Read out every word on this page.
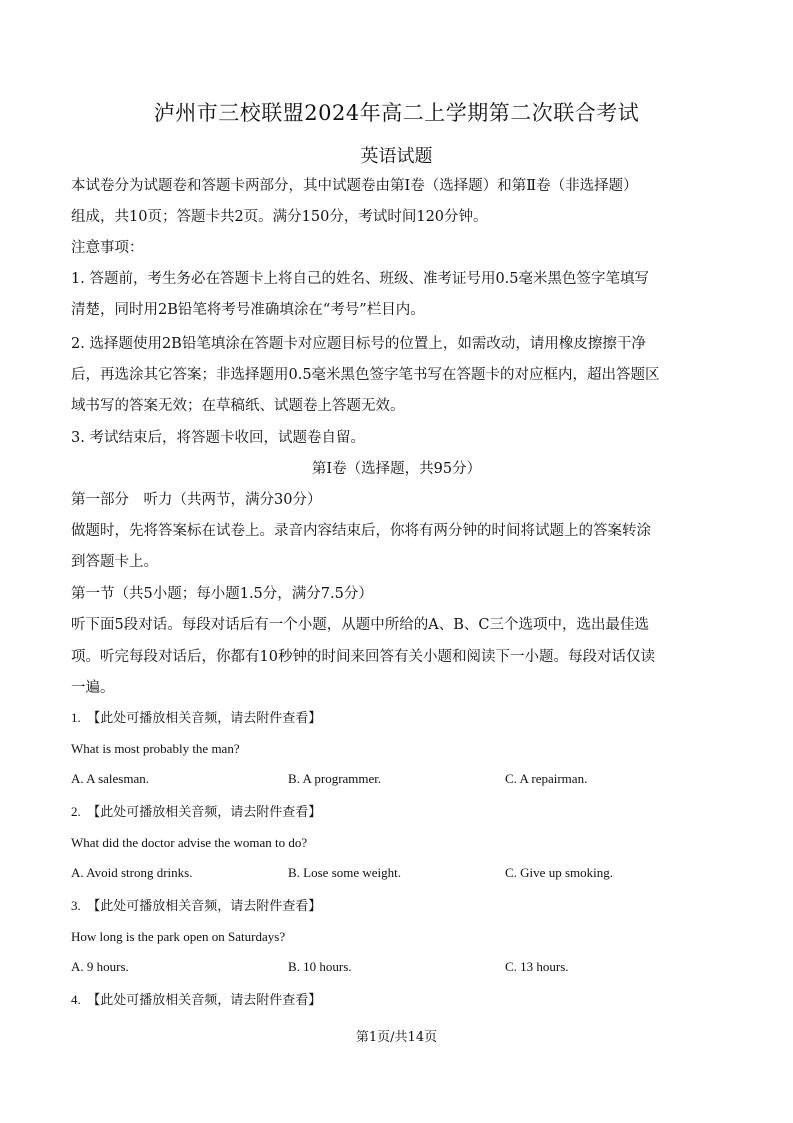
泸州市三校联盟2024年高二上学期第二次联合考试
英语试题
本试卷分为试题卷和答题卡两部分，其中试题卷由第Ⅰ卷（选择题）和第Ⅱ卷（非选择题）
组成，共10页；答题卡共2页。满分150分，考试时间120分钟。
注意事项：
1. 答题前，考生务必在答题卡上将自己的姓名、班级、准考证号用0.5毫米黑色签字笔填写
清楚，同时用2B铅笔将考号准确填涂在“考号”栏目内。
2. 选择题使用2B铅笔填涂在答题卡对应题目标号的位置上，如需改动，请用橡皮擦擦干净
后，再选涂其它答案；非选择题用0.5毫米黑色签字笔书写在答题卡的对应框内，超出答题区
域书写的答案无效；在草稿纸、试题卷上答题无效。
3. 考试结束后，将答题卡收回，试题卷自留。
第Ⅰ卷（选择题，共95分）
第一部分　听力（共两节，满分30分）
做题时，先将答案标在试卷上。录音内容结束后，你将有两分钟的时间将试题上的答案转涂
到答题卡上。
第一节（共5小题；每小题1.5分，满分7.5分）
听下面5段对话。每段对话后有一个小题，从题中所给的A、B、C三个选项中，选出最佳选
项。听完每段对话后，你都有10秒钟的时间来回答有关小题和阅读下一小题。每段对话仅读
一遍。
1.　【此处可播放相关音频，请去附件查看】
What is most probably the man?
A. A salesman.	B. A programmer.	C. A repairman.
2.　【此处可播放相关音频，请去附件查看】
What did the doctor advise the woman to do?
A. Avoid strong drinks.	B. Lose some weight.	C. Give up smoking.
3.　【此处可播放相关音频，请去附件查看】
How long is the park open on Saturdays?
A. 9 hours.	B. 10 hours.	C. 13 hours.
4.　【此处可播放相关音频，请去附件查看】
第1页/共14页
